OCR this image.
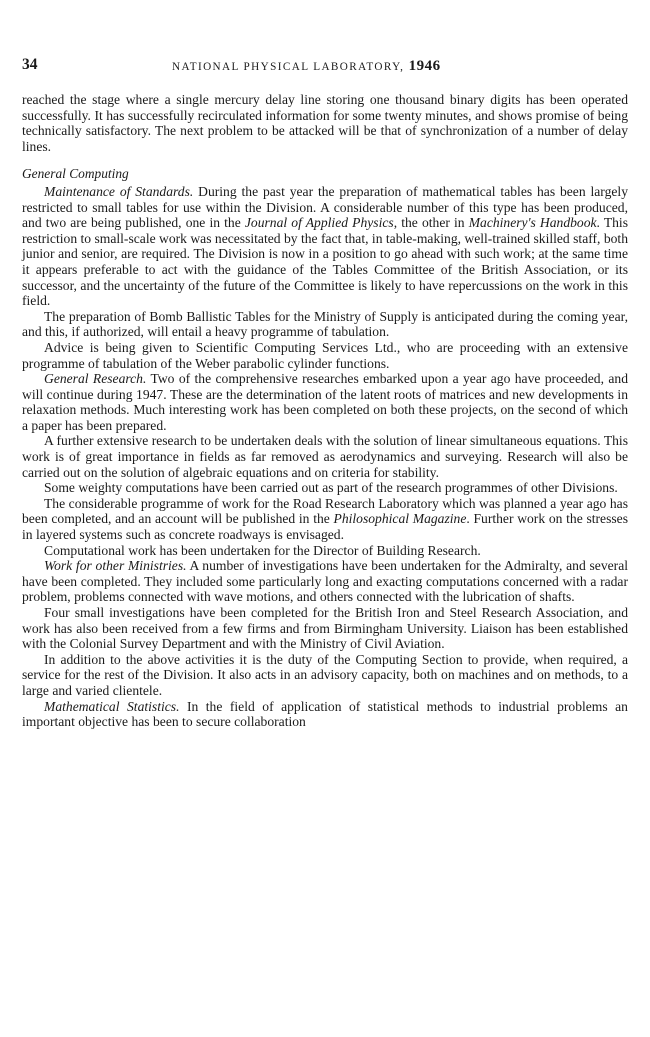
34	NATIONAL PHYSICAL LABORATORY, 1946

reached the stage where a single mercury delay line storing one thousand binary digits has been operated successfully. It has successfully recirculated information for some twenty minutes, and shows promise of being technically satisfactory. The next problem to be attacked will be that of synchronization of a number of delay lines.

General Computing

Maintenance of Standards. During the past year the preparation of mathematical tables has been largely restricted to small tables for use within the Division. A considerable number of this type has been produced, and two are being published, one in the Journal of Applied Physics, the other in Machinery's Handbook. This restriction to small-scale work was necessitated by the fact that, in table-making, well-trained skilled staff, both junior and senior, are required. The Division is now in a position to go ahead with such work; at the same time it appears preferable to act with the guidance of the Tables Committee of the British Association, or its successor, and the uncertainty of the future of the Committee is likely to have repercussions on the work in this field.

The preparation of Bomb Ballistic Tables for the Ministry of Supply is anticipated during the coming year, and this, if authorized, will entail a heavy programme of tabulation.

Advice is being given to Scientific Computing Services Ltd., who are proceeding with an extensive programme of tabulation of the Weber parabolic cylinder functions.

General Research. Two of the comprehensive researches embarked upon a year ago have proceeded, and will continue during 1947. These are the determination of the latent roots of matrices and new developments in relaxation methods. Much interesting work has been completed on both these projects, on the second of which a paper has been prepared.

A further extensive research to be undertaken deals with the solution of linear simultaneous equations. This work is of great importance in fields as far removed as aerodynamics and surveying. Research will also be carried out on the solution of algebraic equations and on criteria for stability.

Some weighty computations have been carried out as part of the research programmes of other Divisions.

The considerable programme of work for the Road Research Laboratory which was planned a year ago has been completed, and an account will be published in the Philosophical Magazine. Further work on the stresses in layered systems such as concrete roadways is envisaged.

Computational work has been undertaken for the Director of Building Research.

Work for other Ministries. A number of investigations have been undertaken for the Admiralty, and several have been completed. They included some particularly long and exacting computations concerned with a radar problem, problems connected with wave motions, and others connected with the lubrication of shafts.

Four small investigations have been completed for the British Iron and Steel Research Association, and work has also been received from a few firms and from Birmingham University. Liaison has been established with the Colonial Survey Department and with the Ministry of Civil Aviation.

In addition to the above activities it is the duty of the Computing Section to provide, when required, a service for the rest of the Division. It also acts in an advisory capacity, both on machines and on methods, to a large and varied clientele.

Mathematical Statistics. In the field of application of statistical methods to industrial problems an important objective has been to secure collaboration
